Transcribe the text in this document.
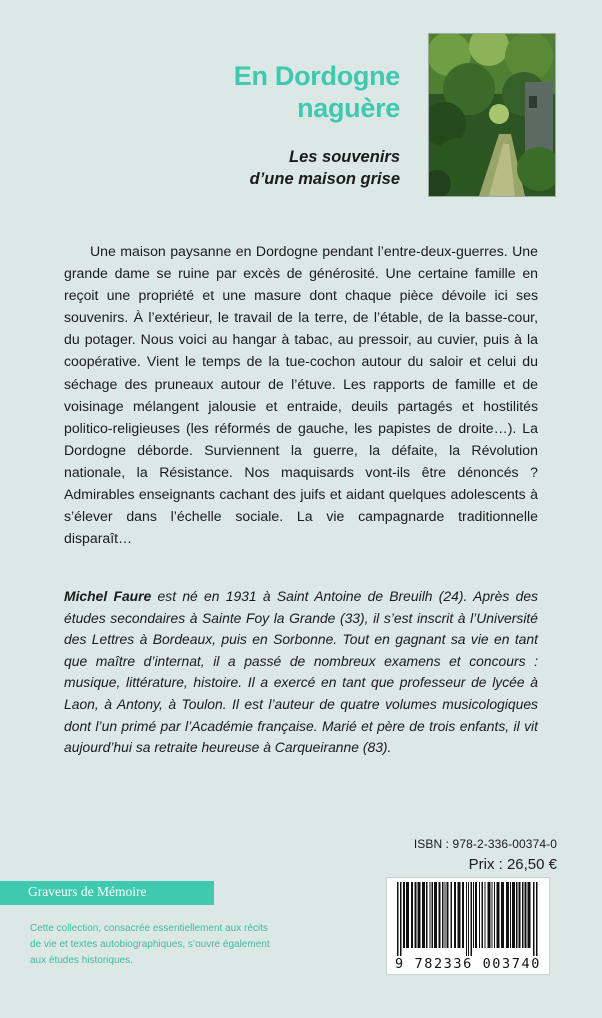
En Dordogne
naguère
Les souvenirs
d’une maison grise

Une maison paysanne en Dordogne pendant l’entre-deux-guerres. Une grande dame se ruine par excès de générosité. Une certaine famille en reçoit une propriété et une masure dont chaque pièce dévoile ici ses souvenirs. À l’extérieur, le travail de la terre, de l’étable, de la basse-cour, du potager. Nous voici au hangar à tabac, au pressoir, au cuvier, puis à la coopérative. Vient le temps de la tue-cochon autour du saloir et celui du séchage des pruneaux autour de l’étuve. Les rapports de famille et de voisinage mélangent jalousie et entraide, deuils partagés et hostilités politico-religieuses (les réformés de gauche, les papistes de droite…). La Dordogne déborde. Surviennent la guerre, la défaite, la Révolution nationale, la Résistance. Nos maquisards vont-ils être dénoncés ? Admirables enseignants cachant des juifs et aidant quelques adolescents à s’élever dans l’échelle sociale. La vie campagnarde traditionnelle disparaît…

Michel Faure est né en 1931 à Saint Antoine de Breuilh (24). Après des études secondaires à Sainte Foy la Grande (33), il s’est inscrit à l’Université des Lettres à Bordeaux, puis en Sorbonne. Tout en gagnant sa vie en tant que maître d’internat, il a passé de nombreux examens et concours : musique, littérature, histoire. Il a exercé en tant que professeur de lycée à Laon, à Antony, à Toulon. Il est l’auteur de quatre volumes musicologiques dont l’un primé par l’Académie française. Marié et père de trois enfants, il vit aujourd’hui sa retraite heureuse à Carqueiranne (83).

ISBN : 978-2-336-00374-0
Prix : 26,50 €
Graveurs de Mémoire
Cette collection, consacrée essentiellement aux récits
de vie et textes autobiographiques, s’ouvre également
aux études historiques.	9 782336 003740
